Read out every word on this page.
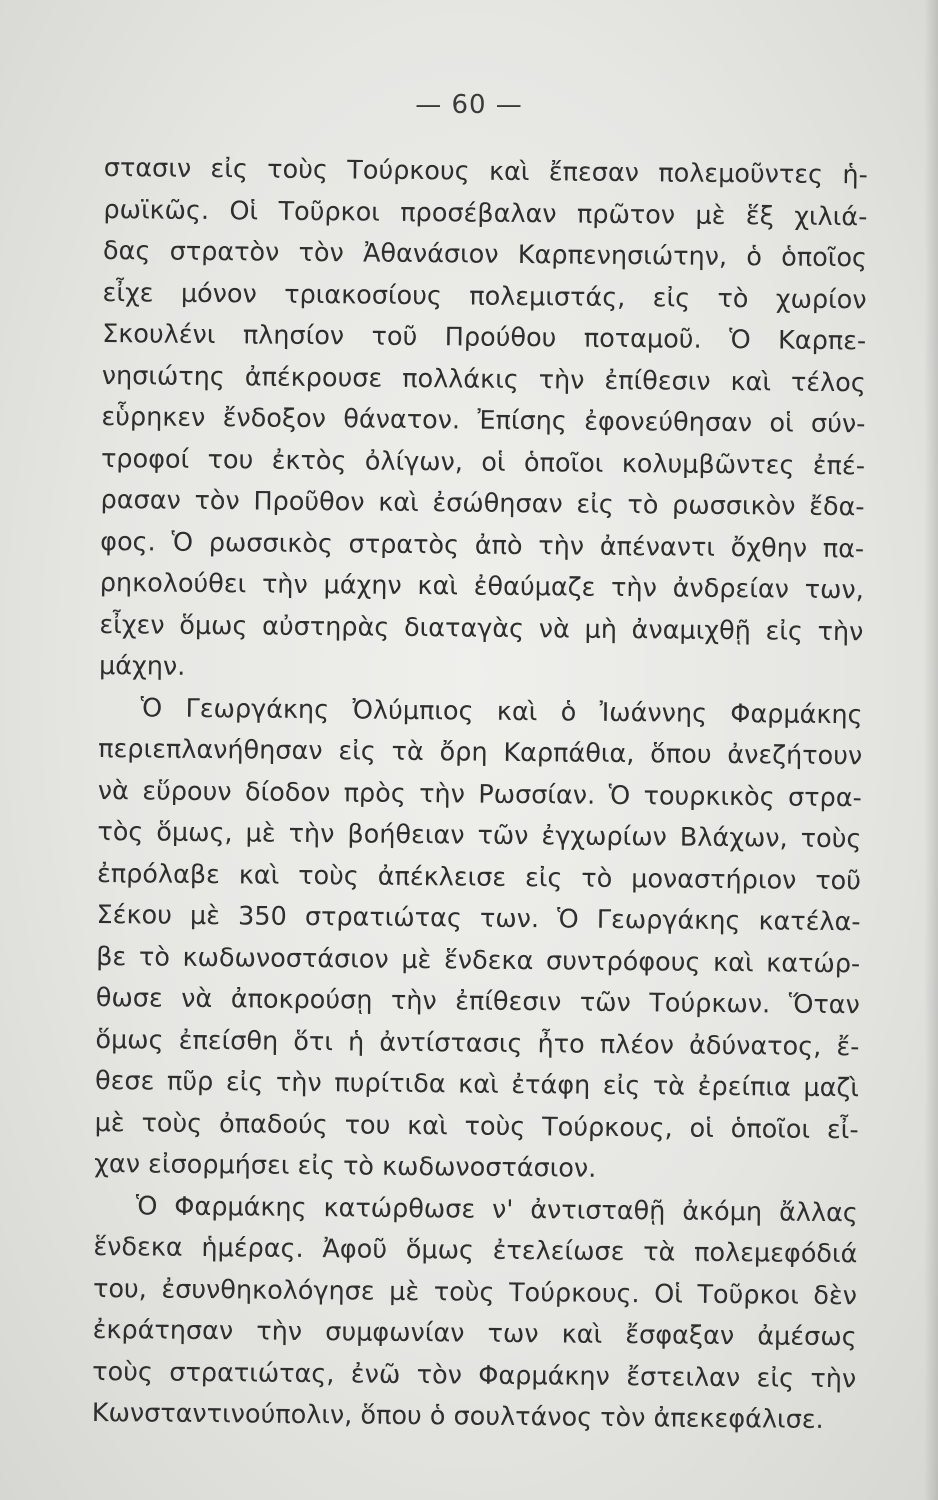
— 60 —
στασιν εἰς τοὺς Τούρκους καὶ ἔπεσαν πολεμοῦντες ἡ-
ρωϊκῶς. Οἱ Τοῦρκοι προσέβαλαν πρῶτον μὲ ἕξ χιλιά-
δας στρατὸν τὸν Ἀθανάσιον Καρπενησιώτην, ὁ ὁποῖος
εἶχε μόνον τριακοσίους πολεμιστάς, εἰς τὸ χωρίον
Σκουλένι πλησίον τοῦ Προύθου ποταμοῦ. Ὁ Καρπε-
νησιώτης ἀπέκρουσε πολλάκις τὴν ἐπίθεσιν καὶ τέλος
εὗρηκεν ἔνδοξον θάνατον. Ἐπίσης ἐφονεύθησαν οἱ σύν-
τροφοί του ἐκτὸς ὀλίγων, οἱ ὁποῖοι κολυμβῶντες ἐπέ-
ρασαν τὸν Προῦθον καὶ ἐσώθησαν εἰς τὸ ρωσσικὸν ἔδα-
φος. Ὁ ρωσσικὸς στρατὸς ἀπὸ τὴν ἀπέναντι ὄχθην πα-
ρηκολούθει τὴν μάχην καὶ ἐθαύμαζε τὴν ἀνδρείαν των,
εἶχεν ὅμως αὐστηρὰς διαταγὰς νὰ μὴ ἀναμιχθῇ εἰς τὴν
μάχην.
Ὁ Γεωργάκης Ὀλύμπιος καὶ ὁ Ἰωάννης Φαρμάκης
περιεπλανήθησαν εἰς τὰ ὄρη Καρπάθια, ὅπου ἀνεζήτουν
νὰ εὕρουν δίοδον πρὸς τὴν Ρωσσίαν. Ὁ τουρκικὸς στρα-
τὸς ὅμως, μὲ τὴν βοήθειαν τῶν ἐγχωρίων Βλάχων, τοὺς
ἐπρόλαβε καὶ τοὺς ἀπέκλεισε εἰς τὸ μοναστήριον τοῦ
Σέκου μὲ 350 στρατιώτας των. Ὁ Γεωργάκης κατέλα-
βε τὸ κωδωνοστάσιον μὲ ἕνδεκα συντρόφους καὶ κατώρ-
θωσε νὰ ἀποκρούσῃ τὴν ἐπίθεσιν τῶν Τούρκων. Ὅταν
ὅμως ἐπείσθη ὅτι ἡ ἀντίστασις ἦτο πλέον ἀδύνατος, ἔ-
θεσε πῦρ εἰς τὴν πυρίτιδα καὶ ἐτάφη εἰς τὰ ἐρείπια μαζὶ
μὲ τοὺς ὀπαδούς του καὶ τοὺς Τούρκους, οἱ ὁποῖοι εἶ-
χαν εἰσορμήσει εἰς τὸ κωδωνοστάσιον.
Ὁ Φαρμάκης κατώρθωσε ν' ἀντισταθῇ ἀκόμη ἄλλας
ἕνδεκα ἡμέρας. Ἀφοῦ ὅμως ἐτελείωσε τὰ πολεμεφόδιά
του, ἐσυνθηκολόγησε μὲ τοὺς Τούρκους. Οἱ Τοῦρκοι δὲν
ἐκράτησαν τὴν συμφωνίαν των καὶ ἔσφαξαν ἀμέσως
τοὺς στρατιώτας, ἐνῶ τὸν Φαρμάκην ἔστειλαν εἰς τὴν
Κωνσταντινούπολιν, ὅπου ὁ σουλτάνος τὸν ἀπεκεφάλισε.
